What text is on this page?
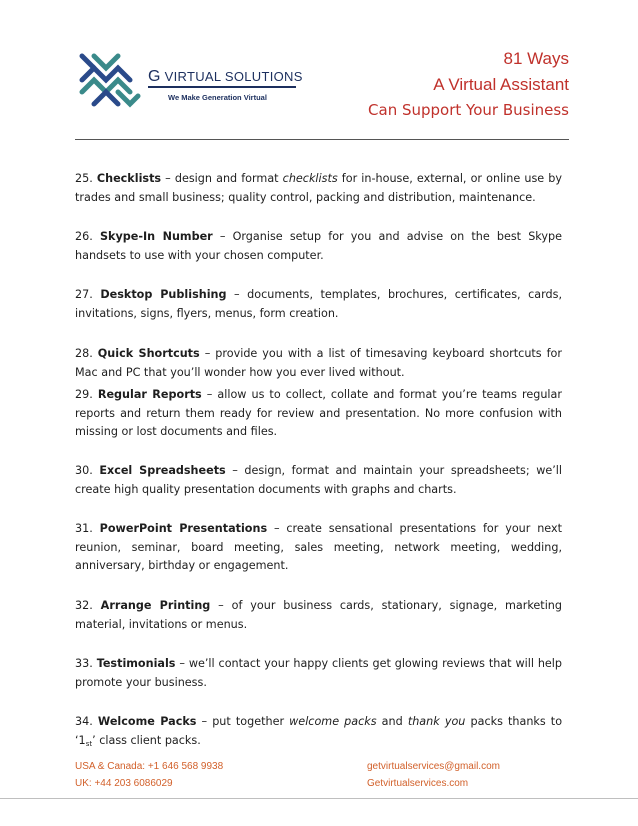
G VIRTUAL SOLUTIONS
We Make Generation Virtual
81 Ways
A Virtual Assistant
Can Support Your Business
25. Checklists – design and format checklists for in-house, external, or online use by trades and small business; quality control, packing and distribution, maintenance.
26. Skype-In Number – Organise setup for you and advise on the best Skype handsets to use with your chosen computer.
27. Desktop Publishing – documents, templates, brochures, certificates, cards, invitations, signs, flyers, menus, form creation.
28. Quick Shortcuts – provide you with a list of timesaving keyboard shortcuts for Mac and PC that you’ll wonder how you ever lived without.
29. Regular Reports – allow us to collect, collate and format you’re teams regular reports and return them ready for review and presentation. No more confusion with missing or lost documents and files.
30. Excel Spreadsheets – design, format and maintain your spreadsheets; we’ll create high quality presentation documents with graphs and charts.
31. PowerPoint Presentations – create sensational presentations for your next reunion, seminar, board meeting, sales meeting, network meeting, wedding, anniversary, birthday or engagement.
32. Arrange Printing – of your business cards, stationary, signage, marketing material, invitations or menus.
33. Testimonials – we’ll contact your happy clients get glowing reviews that will help promote your business.
34. Welcome Packs – put together welcome packs and thank you packs thanks to ‘1st’ class client packs.
USA & Canada: +1 646 568 9938
UK: +44 203 6086029
getvirtualservices@gmail.com
Getvirtualservices.com
